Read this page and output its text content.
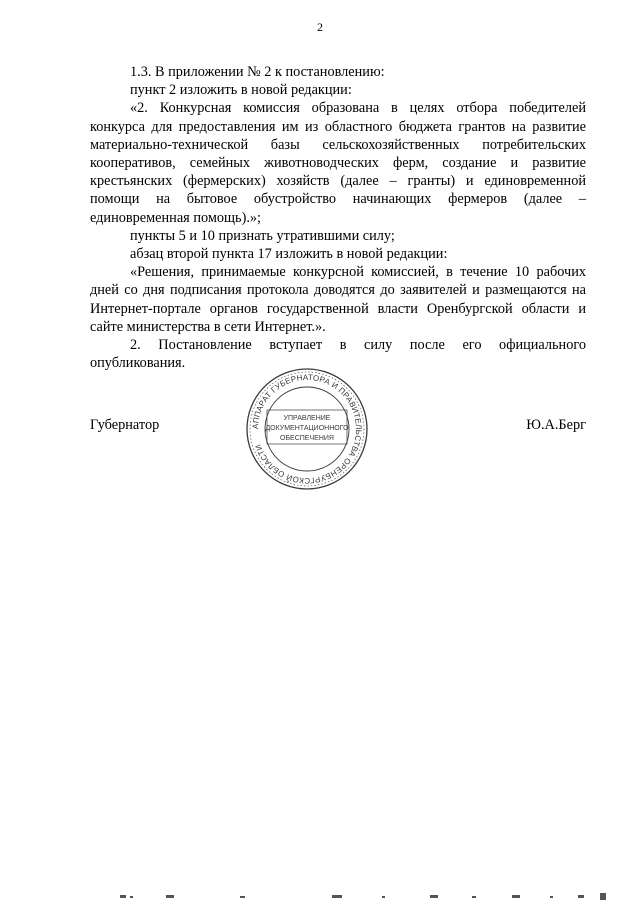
2

1.3. В приложении № 2 к постановлению:

пункт 2 изложить в новой редакции:

«2. Конкурсная комиссия образована в целях отбора победителей конкурса для предоставления им из областного бюджета грантов на развитие материально-технической базы сельскохозяйственных потребительских кооперативов, семейных животноводческих ферм, создание и развитие крестьянских (фермерских) хозяйств (далее – гранты) и единовременной помощи на бытовое обустройство начинающих фермеров (далее – единовременная помощь).»;

пункты 5 и 10 признать утратившими силу;

абзац второй пункта 17 изложить в новой редакции:

«Решения, принимаемые конкурсной комиссией, в течение 10 рабочих дней со дня подписания протокола доводятся до заявителей и размещаются на Интернет-портале органов государственной власти Оренбургской области и сайте министерства в сети Интернет.».

2. Постановление вступает в силу после его официального опубликования.

Губернатор	Ю.А.Берг
АППАРАТ ГУБЕРНАТОРА И ПРАВИТЕЛЬСТВА ОРЕНБУРГСКОЙ ОБЛАСТИ
УПРАВЛЕНИЕ
ДОКУМЕНТАЦИОННОГО
ОБЕСПЕЧЕНИЯ
